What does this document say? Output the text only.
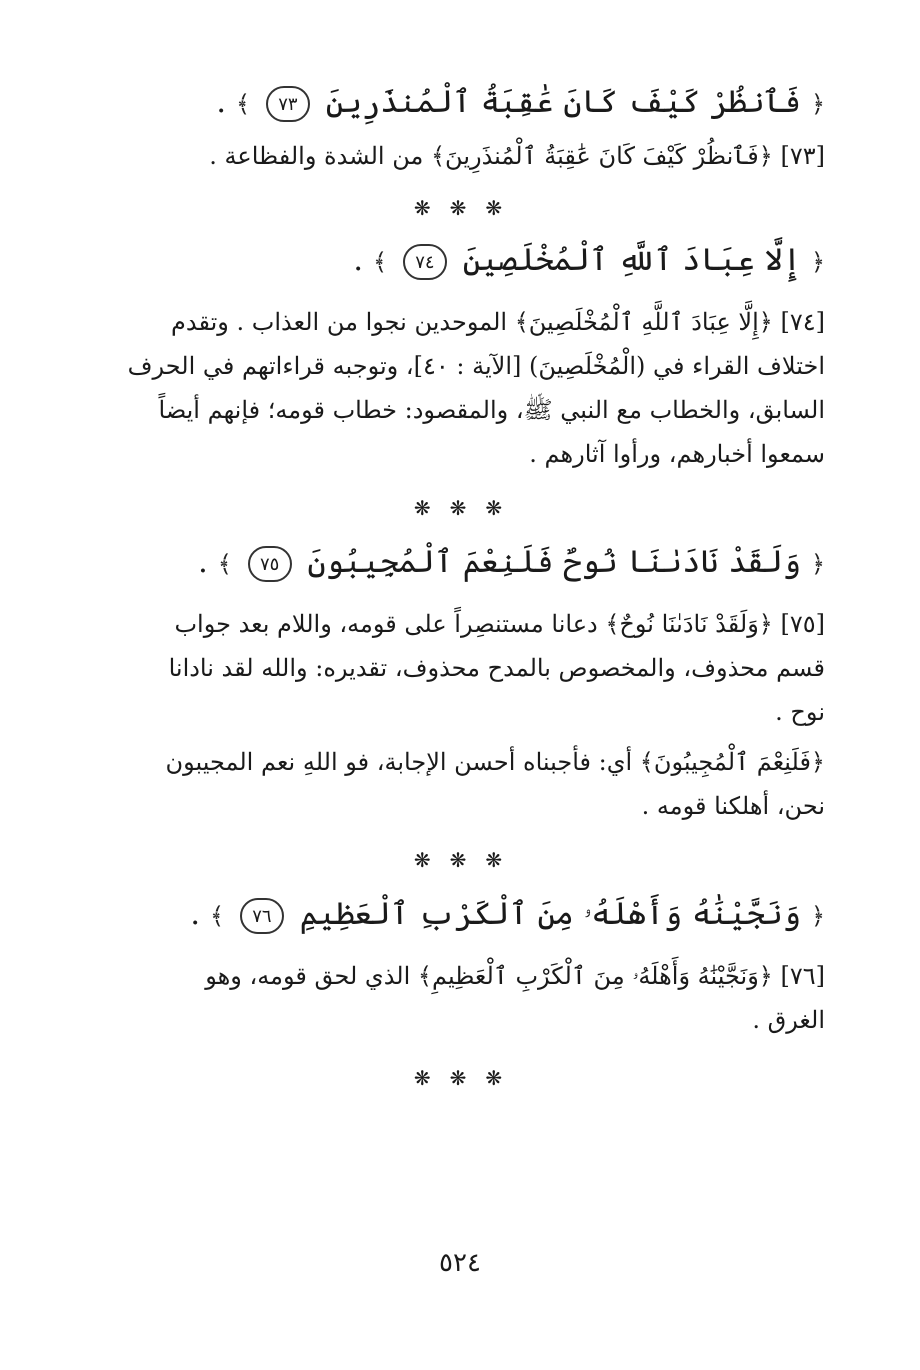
﴿ فَٱنظُرْ كَيْفَ كَانَ عَٰقِبَةُ ٱلْمُنذَرِينَ ٧٣ ﴾ .

[٧٣] ﴿فَٱنظُرْ كَيْفَ كَانَ عَٰقِبَةُ ٱلْمُنذَرِينَ﴾ من الشدة والفظاعة .

❋ ❋ ❋
﴿ إِلَّا عِبَادَ ٱللَّهِ ٱلْمُخْلَصِينَ ٧٤ ﴾ .

[٧٤] ﴿إِلَّا عِبَادَ ٱللَّهِ ٱلْمُخْلَصِينَ﴾ الموحدين نجوا من العذاب . وتقدم
اختلاف القراء في (الْمُخْلَصِينَ) [الآية : ٤٠]، وتوجبه قراءاتهم في الحرف
السابق، والخطاب مع النبي ﷺ، والمقصود: خطاب قومه؛ فإنهم أيضاً
سمعوا أخبارهم، ورأوا آثارهم .

❋ ❋ ❋
﴿ وَلَقَدْ نَادَىٰنَا نُوحٌ فَلَنِعْمَ ٱلْمُجِيبُونَ ٧٥ ﴾ .

[٧٥] ﴿وَلَقَدْ نَادَىٰنَا نُوحٌ﴾ دعانا مستنصِراً على قومه، واللام بعد جواب
قسم محذوف، والمخصوص بالمدح محذوف، تقديره: والله لقد نادانا
نوح .

﴿فَلَنِعْمَ ٱلْمُجِيبُونَ﴾ أي: فأجبناه أحسن الإجابة، فو اللهِ نعم المجيبون
نحن، أهلكنا قومه .

❋ ❋ ❋
﴿ وَنَجَّيْنَٰهُ وَأَهْلَهُۥ مِنَ ٱلْكَرْبِ ٱلْعَظِيمِ ٧٦ ﴾ .

[٧٦] ﴿وَنَجَّيْنَٰهُ وَأَهْلَهُۥ مِنَ ٱلْكَرْبِ ٱلْعَظِيمِ﴾ الذي لحق قومه، وهو
الغرق .

❋ ❋ ❋
٥٢٤
